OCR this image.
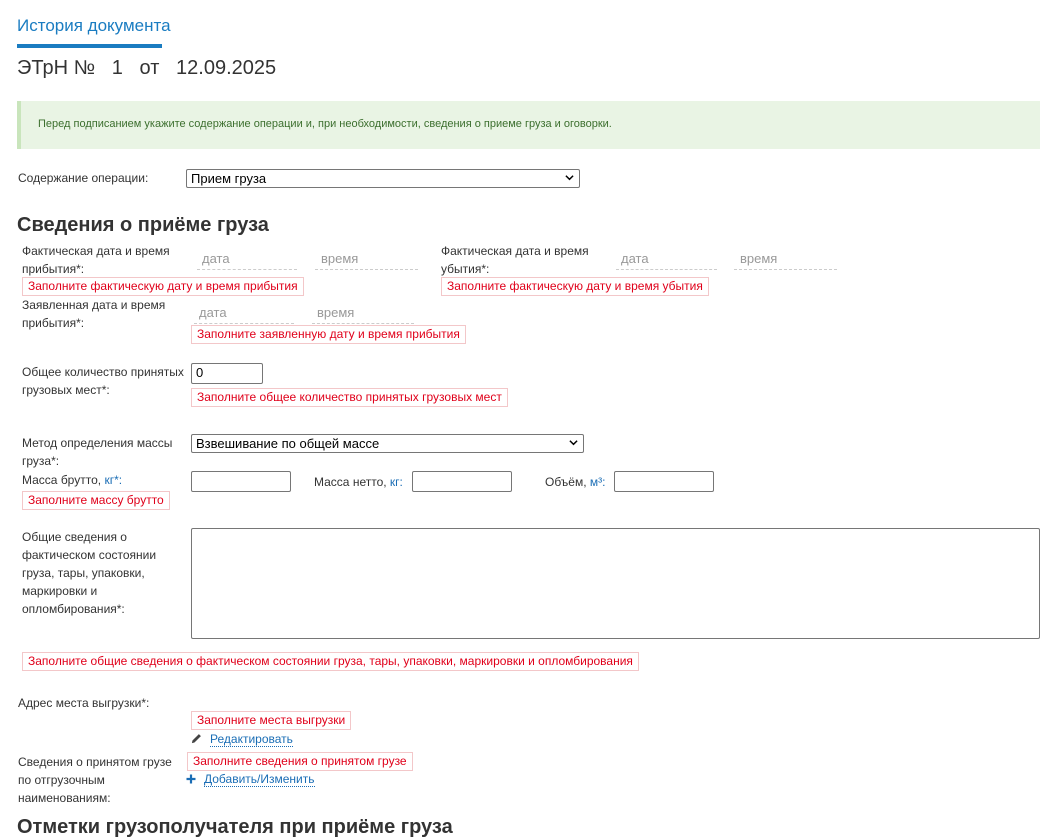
История документа
ЭТрН № 1 от 12.09.2025
Перед подписанием укажите содержание операции и, при необходимости, сведения о приеме груза и оговорки.
Содержание операции:	Прием груза
Сведения о приёме груза
Фактическая дата и время
прибытия*:
дата	время
Заполните фактическую дату и время прибытия
Фактическая дата и время
убытия*:
дата	время
Заполните фактическую дату и время убытия
Заявленная дата и время
прибытия*:
дата	время
Заполните заявленную дату и время прибытия
Общее количество принятых
грузовых мест*:
0
Заполните общее количество принятых грузовых мест
Метод определения массы
груза*:
Взвешивание по общей массе
Масса брутто, кг*:
Заполните массу брутто
Масса нетто, кг:	Объём, м³:
Общие сведения о
фактическом состоянии
груза, тары, упаковки,
маркировки и
опломбирования*:
Заполните общие сведения о фактическом состоянии груза, тары, упаковки, маркировки и опломбирования
Адрес места выгрузки*:
Заполните места выгрузки
Редактировать
Сведения о принятом грузе
по отгрузочным
наименованиям:
Заполните сведения о принятом грузе
Добавить/Изменить
Отметки грузополучателя при приёме груза
